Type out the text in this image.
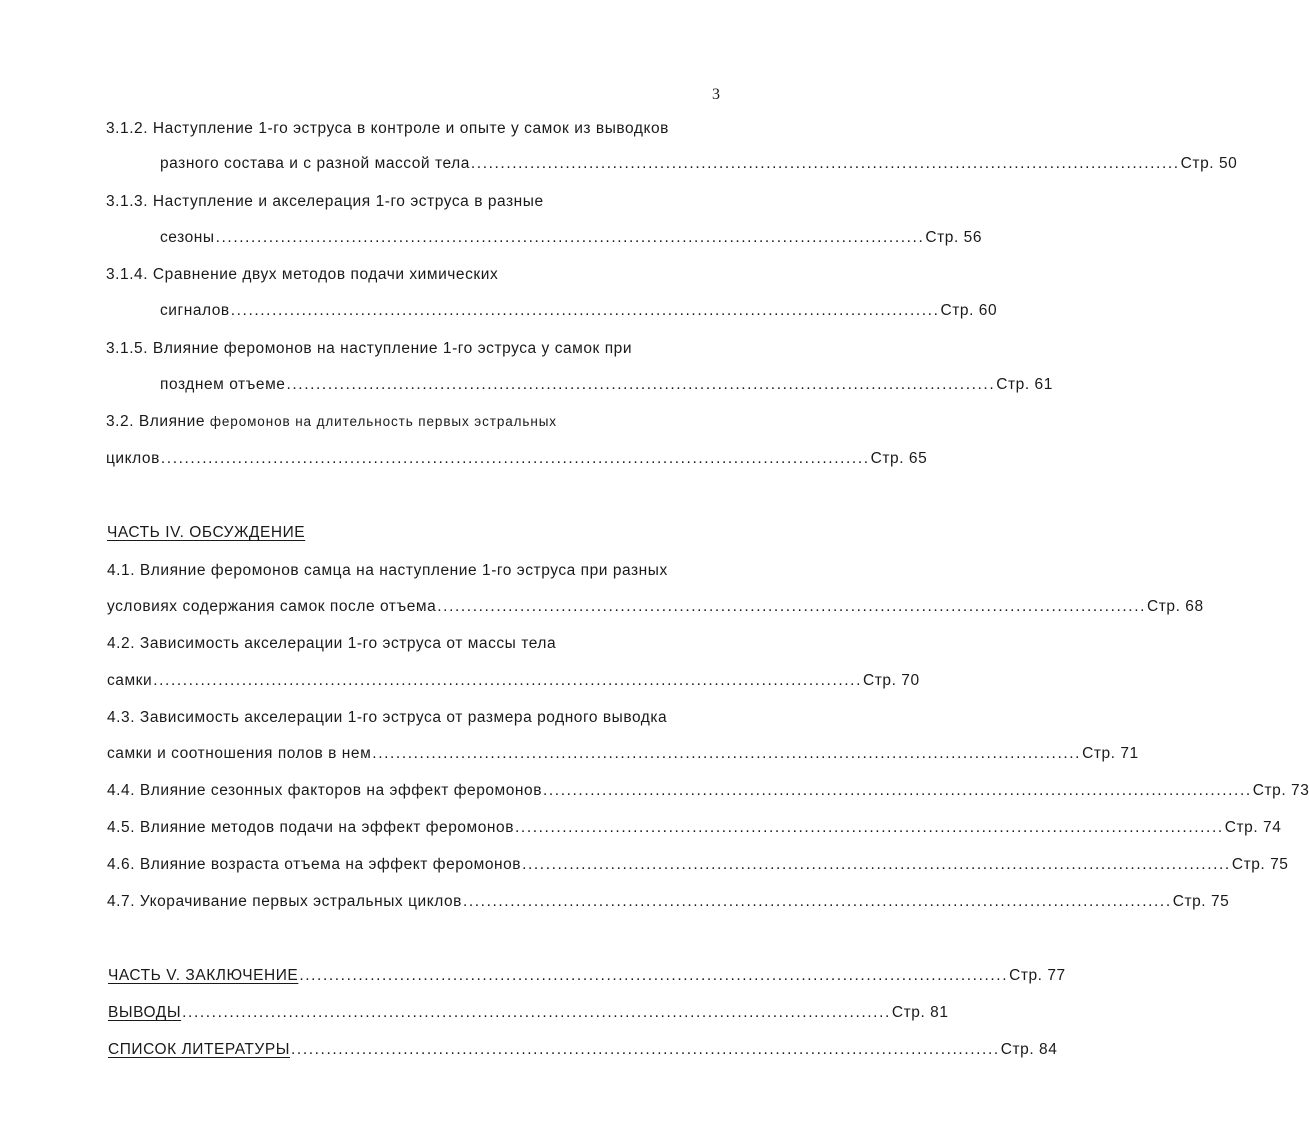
3
3.1.2. Наступление 1-го эструса в контроле и опыте у самок из выводков
разного состава и с разной массой тела ........................................................................................................................ Стр. 50
3.1.3. Наступление и акселерация 1-го эструса в разные
сезоны ........................................................................................................................ Стр. 56
3.1.4. Сравнение двух методов подачи химических
сигналов ........................................................................................................................ Стр. 60
3.1.5. Влияние феромонов на наступление 1-го эструса у самок при
позднем отъеме ........................................................................................................................ Стр. 61
3.2. Влияние феромонов на длительность первых эстральных
циклов ........................................................................................................................ Стр. 65
ЧАСТЬ IV. ОБСУЖДЕНИЕ
4.1. Влияние феромонов самца на наступление 1-го эструса при разных
условиях содержания самок после отъема ........................................................................................................................ Стр. 68
4.2. Зависимость акселерации 1-го эструса от массы тела
самки ........................................................................................................................ Стр. 70
4.3. Зависимость акселерации 1-го эструса от размера родного выводка
самки и соотношения полов в нем ........................................................................................................................ Стр. 71
4.4. Влияние сезонных факторов на эффект феромонов ........................................................................................................................ Стр. 73
4.5. Влияние методов подачи на эффект феромонов ........................................................................................................................ Стр. 74
4.6. Влияние возраста отъема на эффект феромонов ........................................................................................................................ Стр. 75
4.7. Укорачивание первых эстральных циклов ........................................................................................................................ Стр. 75
ЧАСТЬ V. ЗАКЛЮЧЕНИЕ ........................................................................................................................ Стр. 77
ВЫВОДЫ ........................................................................................................................ Стр. 81
СПИСОК ЛИТЕРАТУРЫ ........................................................................................................................ Стр. 84
